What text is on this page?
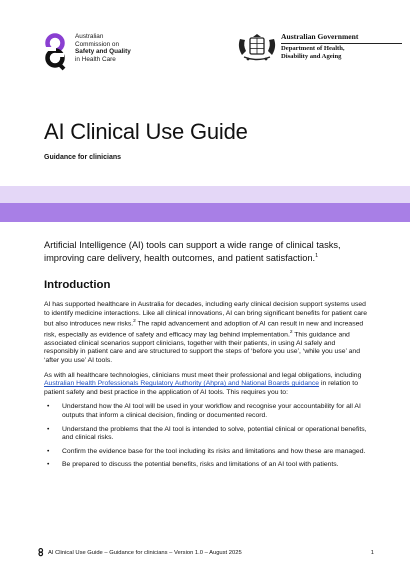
Australian
Commission on
Safety and Quality
in Health Care
Australian Government
Department of Health,
Disability and Ageing
AI Clinical Use Guide
Guidance for clinicians

Artificial Intelligence (AI) tools can support a wide range of clinical tasks, improving care delivery, health outcomes, and patient satisfaction.$^1$

Introduction

AI has supported healthcare in Australia for decades, including early clinical decision support systems used to identify medicine interactions. Like all clinical innovations, AI can bring significant benefits for patient care but also introduces new risks.$^2$ The rapid advancement and adoption of AI can result in new and increased risk, especially as evidence of safety and efficacy may lag behind implementation.$^2$ This guidance and associated clinical scenarios support clinicians, together with their patients, in using AI safely and responsibly in patient care and are structured to support the steps of ‘before you use’, ‘while you use’ and ‘after you use’ AI tools.

As with all healthcare technologies, clinicians must meet their professional and legal obligations, including Australian Health Professionals Regulatory Authority (Ahpra) and National Boards guidance in relation to patient safety and best practice in the application of AI tools. This requires you to:

• Understand how the AI tool will be used in your workflow and recognise your accountability for all AI outputs that inform a clinical decision, finding or documented record.
• Understand the problems that the AI tool is intended to solve, potential clinical or operational benefits, and clinical risks.
• Confirm the evidence base for the tool including its risks and limitations and how these are managed.
• Be prepared to discuss the potential benefits, risks and limitations of an AI tool with patients.
AI Clinical Use Guide – Guidance for clinicians – Version 1.0 – August 2025	1
